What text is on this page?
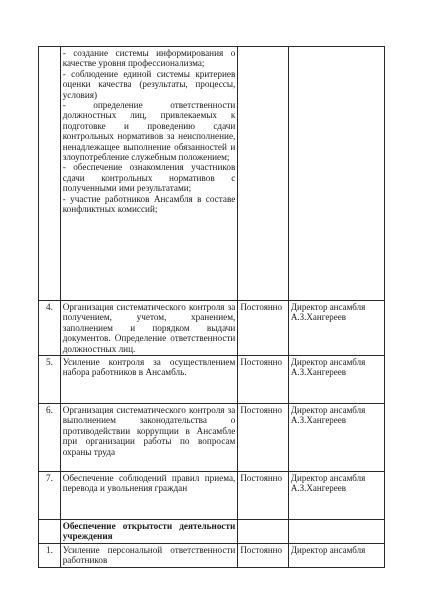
	- создание системы информирования о качестве уровня профессионализма;
- соблюдение единой системы критериев оценки качества (результаты, процессы, условия)
- определение ответственности должностных лиц, привлекаемых к подготовке и проведению сдачи контрольных нормативов за неисполнение, ненадлежащее выполнение обязанностей и злоупотребление служебным положением;
- обеспечение ознакомления участников сдачи контрольных нормативов с полученными ими результатами;
- участие работников Ансамбля в составе конфликтных комиссий;		

4.	Организация систематического контроля за получением, учетом, хранением, заполнением и порядком выдачи документов. Определение ответственности должностных лиц.	Постоянно	Директор ансамбля
А.З.Хангереев

5.	Усиление контроля за осуществлением набора работников в Ансамбль.	Постоянно	Директор ансамбля
А.З.Хангереев

6.	Организация систематического контроля за выполнением законодательства о противодействии коррупции в Ансамбле при организации работы по вопросам охраны труда	Постоянно	Директор ансамбля
А.З.Хангереев

7.	Обеспечение соблюдений правил приема, перевода и увольнения граждан	Постоянно	Директор ансамбля
А.З.Хангереев

	Обеспечение открытости деятельности учреждения		
1.	Усиление персональной ответственности работников	Постоянно	Директор ансамбля
